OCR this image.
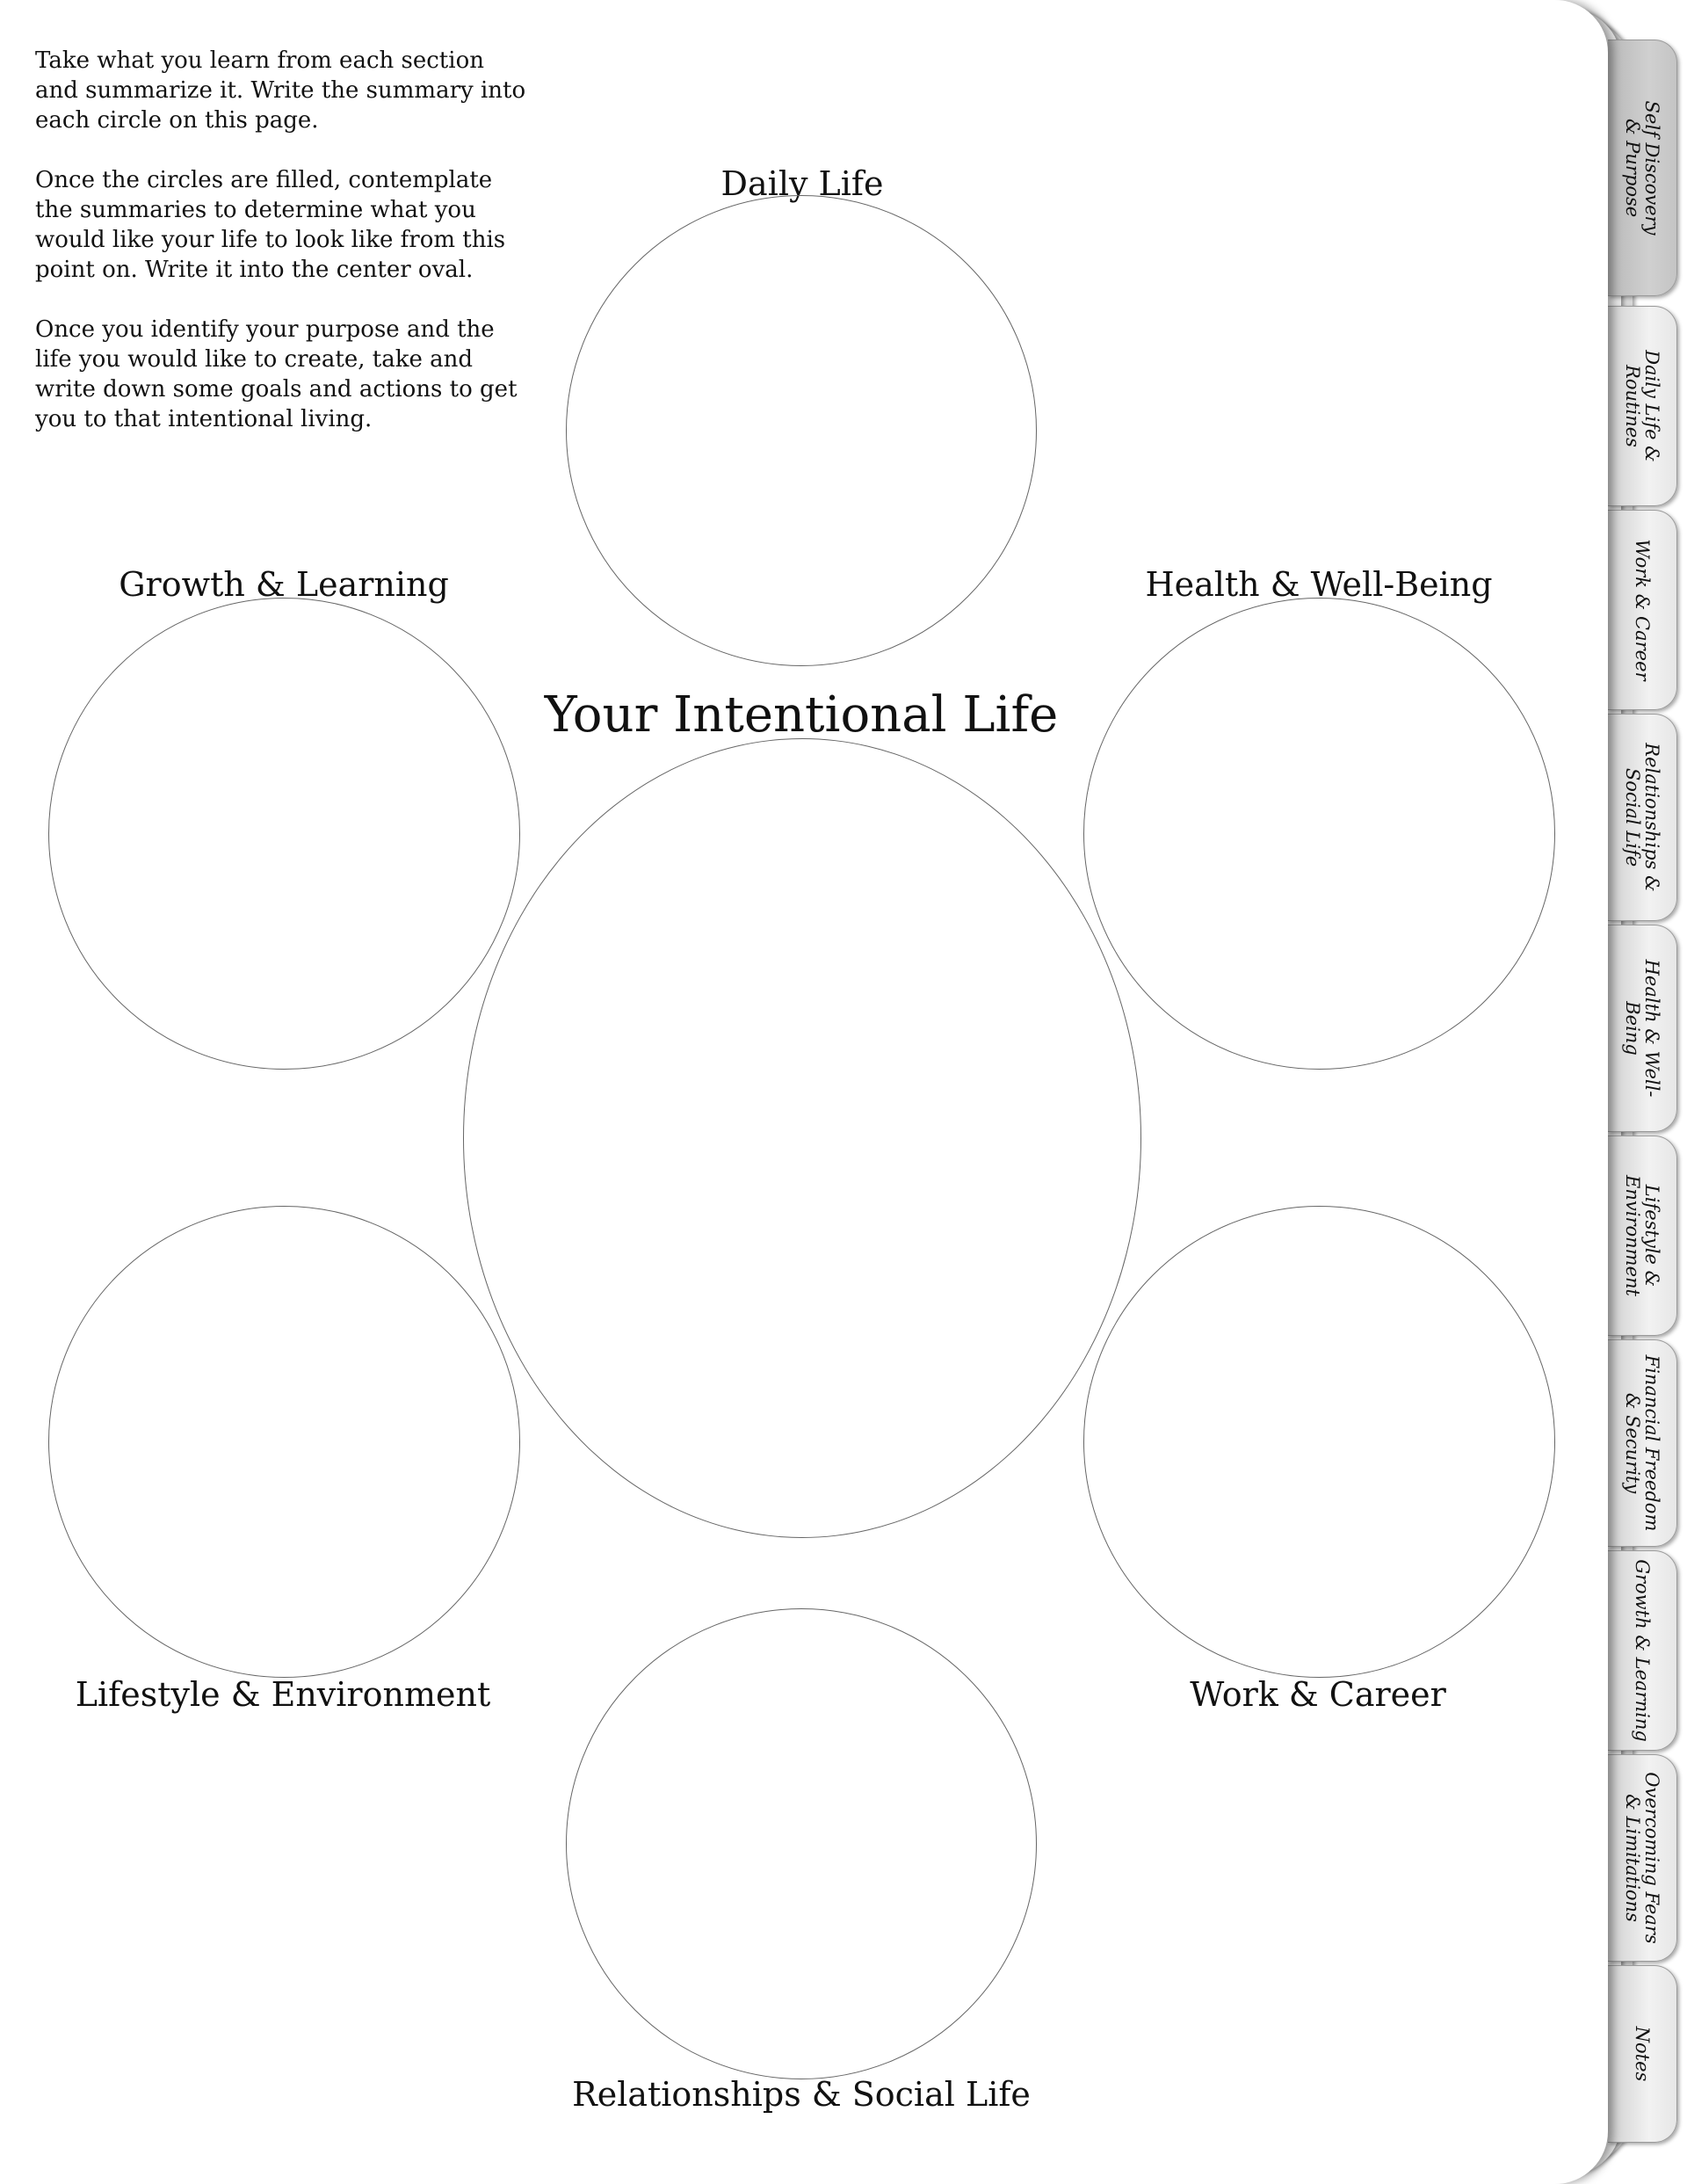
Self Discovery
& Purpose
Daily Life &
Routines
Work & Career
Relationships &
Social Life
Health & Well-
Being
Lifestyle &
Environment
Financial Freedom
& Security
Growth & Learning
Overcoming Fears
& Limitations
Notes

Take what you learn from each section and summarize it. Write the summary into each circle on this page.

Once the circles are filled, contemplate the summaries to determine what you would like your life to look like from this point on. Write it into the center oval.

Once you identify your purpose and the life you would like to create, take and write down some goals and actions to get you to that intentional living.

Daily Life
Growth & Learning	Health & Well-Being
Your Intentional Life
Lifestyle & Environment	Work & Career
Relationships & Social Life
